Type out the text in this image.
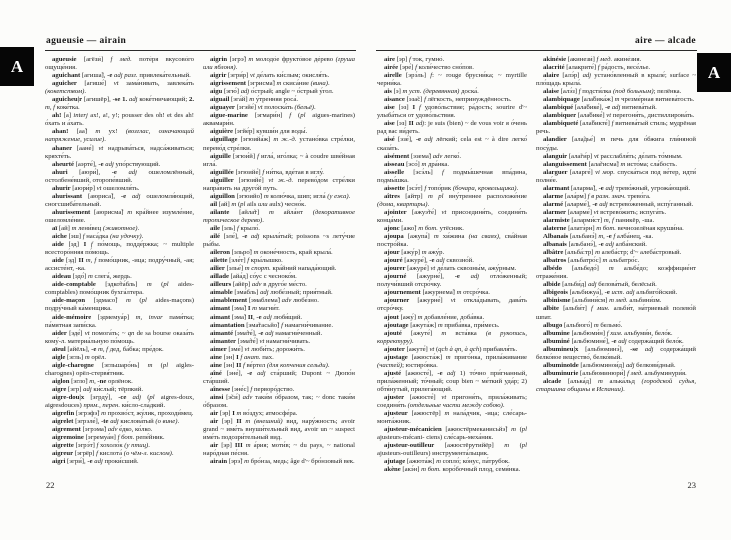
A	A
agueusie — airain

agueusie [агёзи́] f мед. поте́ря вкусово́го ощуще́ния.

aguichant [агиша̃], -e adj разг. привлека́тельный.

aguicher [агише́] vt зама́нивать, завлека́ть (кокетством).

aguicheu|r [агишёр], -se 1. adj коке́тничающий; 2. m, f коке́тка.

ah! [а] interj ах!, а!, у!; pousser des oh! et des ah! о́хать и а́хать.

ahan! [аа̃] m ух! (возглас, означающий напряжение, усилие).

ahaner [аане́] vt надрыва́ться, надса́живаться; кряхте́ть.

aheurté [аэрте́], -e adj упо́рствующий.

ahuri [аюри́], -e adj ошеломлённый, остолбене́вший, оторопе́вший.

ahurir [аюри́р] vt ошеломля́ть.

ahurissant [аюриса̃], -e adj ошеломля́ющий, сногсшиба́тельный.

ahurissement [аюрисма̃] m кра́йнее изумле́ние, ошеломле́ние.

aï [ай] m лени́вец (животное).

aiche [эш] f наса́дка (на удочку).

aide [эд] I f по́мощь, подде́ржка; ~ multiple всесторо́нняя по́мощь.

aide [эд] II m, f помо́щник, -ица; подру́чный, -ая; ассисте́нт, -ка.

aideau [эдо́] m слега́, жердь.

aide-comptable [эдко̃та́бль] m (pl aides-comptables) помо́щник бухга́лтера.

aide-maçon [эдмасо̃] m (pl aides-maçons) подру́чный ка́менщика.

aide-mémoire [эдмемуа́р] m, invar памя́тка; па́мятная запи́ска.

aider [эде́] vt помога́ть; ~ qn de sa bourse оказа́ть кому́-л. материа́льную по́мощь.

aïeul [айёль], -e m, f дед, ба́бка; пре́док.

aigle [эгль] m орёл.

aigle-charogne [эгльшаро́нь] m (pl aigles-charognes) орёл-стервя́тник.

aiglon [эгло̃] m, -ne орлёнок.

aigre [эгр] adj ки́слый; тёрпкий.

aigre-dou|x [эгрду́], -ce adj (pl aigres-doux, aigresdouces) прям., перен. ки́сло-сла́дкий.

aigrefin [эгрэфэ̃] m прохво́ст, жу́лик, проходи́мец.

aigrelet [эгрэле́], -te adj кислова́тый (о вине).

aigrement [эгрэма̃] adv е́дко, ко́лко.

aigremoine [эгремуа́н] f бот. репе́йник.

aigrette [эгрэ́т] f хохоло́к (у птиц).

aigreur [эгрёр] f кислота́ (о чём-л. кислом).

aigri [эгри́], -e adj проки́сший.

aigrin [эгрэ̃] m молодо́е фрукто́вое де́рево (груша или яблоня).

aigrir [эгри́р] vt де́лать ки́слым; окисля́ть.

aigrissement [эгрисма̃] m скиса́ние (вина).

aigu [эгю́] adj о́стрый; angle ~ о́стрый у́гол.

aiguail [эга́й] m у́тренняя роса́.

aiguayer [эгэйе́] vt полоска́ть (бельё).

aigue-marine [эгмари́н] f (pl aigues-marines) аквамари́н.

aiguière [эгйе́р] кувши́н для воды́.

aiguillage [эгюийа́ж] m ж.-д. устано́вка стре́лки, перево́д стре́лки.

aiguille [эгюи́й] f игла́, иго́лка; ~ à coudre шве́йная игла́.

aiguillée [эгюийе́] f ни́тка, вде́тая в иглу́.

aiguiller [эгюийе́] vt ж.-д. перево́дом стре́лки напра́вить на друго́й путь.

aiguillon [эгюийо̃] m колю́чка, шип; игла́ (у ежа).

ail [ай] m (pl ails или aulx) чесно́к.

ailante [айла̃т] m айла́нт (декоративное тропическое дерево).

aile [эль] f крыло́.

ailé [эле́], -e adj крыла́тый; poissons ~s лету́чие ры́бы.

aileron [эльро̃] m оконе́чность, край крыла́.

ailette [эле́т] f кры́лышко.

ailier [элье́] m спорт. кра́йний напада́ющий.

aillade [айа́д] со́ус с чесноко́м.

ailleurs [айёр] adv в друго́е ме́сто.

aimable [эма́бль] adj любе́зный; прия́тный.

aimablement [эмаблема̃] adv любе́зно.

aimant [эма̃] I m магни́т.

aimant [эма̃] II, -e adj любя́щий.

aimantation [эма̃тасьйо̃] f намагни́чивание.

aimanté [эма̃те́], -e adj намагни́ченный.

aimanter [эма̃те́] vt намагни́чивать.

aimer [эме́] vt люби́ть; дорожи́ть.

aine [эн] I f анат. пах.

aine [эн] II f ве́ртел (для копчения сельди).

aîné [эне́], -e adj ста́рший; Dupont ~ Дюпо́н ста́рший.

aînesse [эне́с] f перворо́дство.

ainsi [э̃си́] adv таки́м о́бразом, так; ~ donc таки́м о́бразом.

air [эр] I m во́здух; атмосфе́ра.

air [эр] II m (внешний) вид, нару́жность; avoir grand ~ име́ть внуши́тельный вид, avoir un ~ suspect име́ть подозри́тельный вид.

air [эр] III m а́рия; моти́в; ~ du pays, ~ national наро́дная пе́сня.

airain [эрэ̃] m бро́нза, медь; âge d'~ бро́нзовый век.

22
aire — alcade

aire [эр] f ток, гумно́.

airée [эре́] f коли́чество сно́пов.

airelle [эрэ́ль] f: ~ rouge брусни́ка; ~ myrtille черни́ка.

ais [э] m уст. (деревянная) доска́.

aisance [эза̃с] f лёгкость, непринуждённость.

aise [эз] I f удово́льствие; ра́дость; sourire d'~ улыба́ться от удово́льствия.

aise [эз] II adj: je suis (bien) ~ de vous voir я о́чень рад вас ви́деть.

aisé [эзе́], -e adj лёгкий; cela est ~ à dire легко́ сказа́ть.

aisément [эзема̃] adv легко́.

aisseau [эсо́] m дра́нка.

aisselle [эсэ́ль] f подмы́шечная впа́дина, подмы́шка.

aissette [эсэ́т] f топо́рик (бочара, кровельщика).

aîtres [айтр] m pl вну́треннее расположе́ние (дома, квартиры).

ajointer [ажуэ̃те́] vt присоединя́ть, соединя́ть конца́ми.

ajonc [ажо̃] m бот. утёсник.

ajoupa [ажупа́] m хи́жина (на сваях), сва́йная постро́йка.

ajour [ажу́р] m ажу́р.

ajouré [ажуре́], -e adj сквозно́й.

ajourer [ажуре́] vt де́лать сквозны́м, ажу́рным.

ajourné [ажурне́], -e adj отло́женный; получи́вший отсро́чку.

ajournement [ажурнема̃] m отсро́чка.

ajourner [ажурне́] vt откла́дывать, дава́ть отсро́чку.

ajout [ажу́] m добавле́ние, доба́вка.

ajoutage [ажута́ж] m приба́вка, при́месь.

ajouté [ажуте́] m вста́вка (в рукопись, корректуру).

ajouter [ажуте́] vt (qch à qn, à qch) прибавля́ть.

ajustage [ажюста́ж] m приго́нка, прила́живание (частей); юстиро́вка.

ajusté [ажюсте́], -e adj 1) то́чно при́гнанный, прила́женный; то́чный; coup bien ~ ме́ткий уда́р; 2) обтя́нутый, прилега́ющий.

ajuster [ажюсте́] vt пригоня́ть, прила́живать; соединя́ть (отдельные части между собою).

ajusteur [ажюстёр] m нала́дчик, -ица; сле́сарь-монта́жник.

ajusteur-mécanicien [ажюстёрмеканисьйэ̃] m (pl ajusteurs-mécani- ciens) сле́сарь-меха́ник.

ajusteur-outilleur [ажюстёрутийёр] m (pl ajusteurs-outilleurs) инструмента́льщик.

ajutage [ажюта́ж] m сопло́; ко́нус, па́трубок.

akène [акэ́н] m бот. коро́бочный плод, семя́нка.

akinésie [акинези́] f мед. акине́зия.

alacrité [алакрите́] f ра́дость, весе́лье.

alaire [алэ́р] adj устано́вленный в крыле́; surface ~ пло́щадь крыла́.

alaise [алэ́з] f подсти́лка (под больным); пелёнка.

alambiquage [ала̃бика́ж] m чрезме́рная витиева́тость.

alambiqué [ала̃бике́], -e adj витиева́тый.

alambiquer [ала̃бике́] vt перегоня́ть, дистиллирова́ть.

alambiqueté [ала̃бикте́] f витиева́тый стиль; мудрёная речь.

alandier [ала̃дье́] m печь для о́бжига гли́няной посу́ды.

alanguir [ала̃ги́р] vt расслабля́ть; де́лать то́мным.

alanguissement [ала̃гисма̃] m исто́ма; сла́бость.

alarguer [аларге́] vi мор. спуска́ться под ве́тер, идти́ полне́е.

alarmant [аларма̃], -e adj трево́жный, угрожа́ющий.

alarme [ала́рм] f в разн. знач. трево́га.

alarmé [аларме́], -e adj встрево́женный, испу́ганный.

alarmer [аларме́] vt встрево́жить; испуга́ть.

alarmiste [аларми́ст] m, f паникёр, -ша.

alaterne [алатэ́рн] m бот. вечнозелёная круши́на.

Albanais [альбанэ́] m, -e f алба́нец, -ка.

albanais [альбанэ́], -e adj алба́нский.

albâtre [альба́:тр] m алеба́стр; d'~ алеба́стровый.

albatros [альбатро́с] m альбатро́с.

albédo [альбедо́] m альбе́до; коэффицие́нт отраже́ния.

albide [альби́д] adj белова́тый, белёсый.

albigeois [альбижуа́], -e ист. adj альбиго́йский.

albinisme [альбини́см] m мед. альбини́зм.

albite [альби́т] f мин. альби́т, на́триевый полево́й шпат.

albugo [альбюго́] m бельмо́.

albumine [альбюми́н] f хим. альбуми́н, бело́к.

albuminé [альбюмине́], -e adj содержа́щий бело́к.

albumineu|x [альбюминэ́], -se adj содержа́щий белко́вое вещество́, белко́вый.

albuminoïde [альбюминои́д] adj белкови́дный.

albuminurie [альбюминюри́] f мед. альбуминури́я.

alcade [алька́д] m алька́льд (городской судья, старшина общины в Испании).

23
